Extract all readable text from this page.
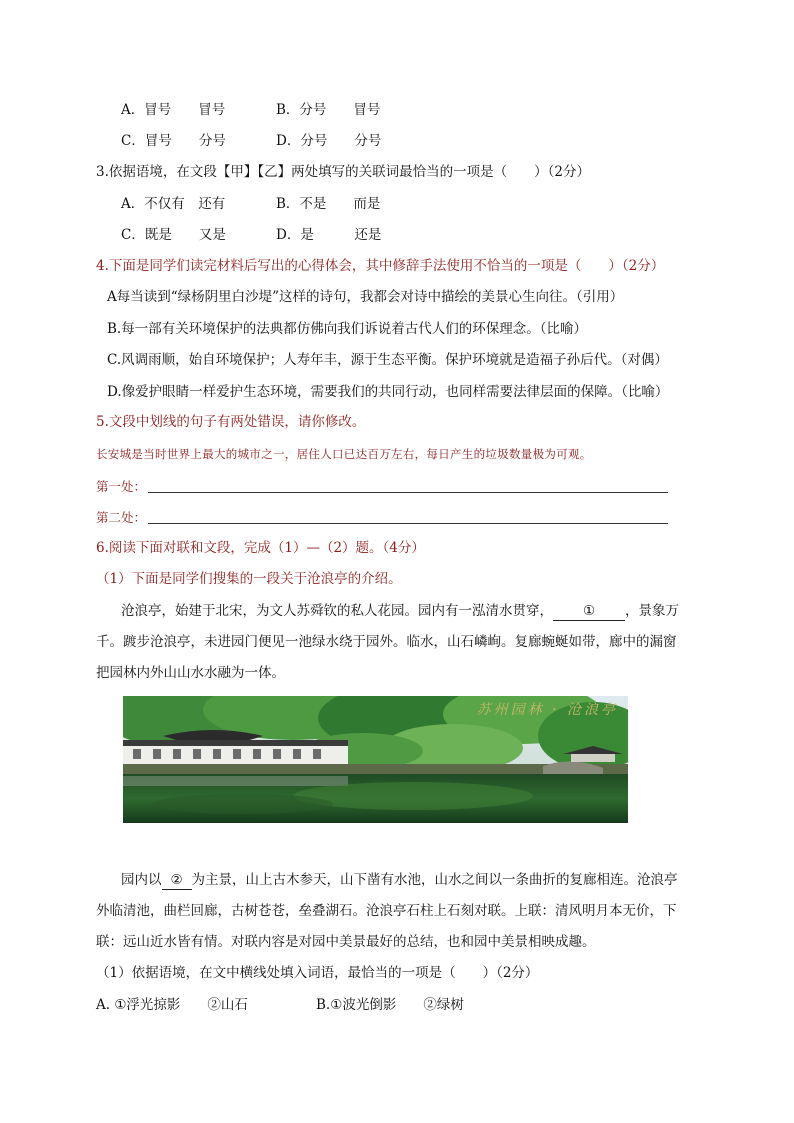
A．冒号　　冒号	B．分号　　冒号
C．冒号　　分号	D．分号　　分号
3.依据语境，在文段【甲】【乙】两处填写的关联词最恰当的一项是（　　）（2分）
A．不仅有　还有	B．不是　　而是
C．既是　　又是	D．是　　　还是
4.下面是同学们读完材料后写出的心得体会，其中修辞手法使用不恰当的一项是（　　）（2分）
A每当读到“绿杨阴里白沙堤”这样的诗句，我都会对诗中描绘的美景心生向往。（引用）
B.每一部有关环境保护的法典都仿佛向我们诉说着古代人们的环保理念。（比喻）
C.风调雨顺，始自环境保护；人寿年丰，源于生态平衡。保护环境就是造福子孙后代。（对偶）
D.像爱护眼睛一样爱护生态环境，需要我们的共同行动，也同样需要法律层面的保障。（比喻）
5.文段中划线的句子有两处错误，请你修改。
长安城是当时世界上最大的城市之一，居住人口已达百万左右，每日产生的垃圾数量极为可观。
第一处：
第二处：
6.阅读下面对联和文段，完成（1）—（2）题。（4分）
（1）下面是同学们搜集的一段关于沧浪亭的介绍。
沧浪亭，始建于北宋，为文人苏舜钦的私人花园。园内有一泓清水贯穿， ① ，景象万
千。踱步沧浪亭，未进园门便见一池绿水绕于园外。临水，山石嶙峋。复廊蜿蜒如带，廊中的漏窗
把园林内外山山水水融为一体。
苏州园林 · 沧浪亭
园内以 ② 为主景，山上古木参天，山下凿有水池，山水之间以一条曲折的复廊相连。沧浪亭
外临清池，曲栏回廊，古树苍苍，垒叠湖石。沧浪亭石柱上石刻对联。上联：清风明月本无价，下
联：远山近水皆有情。对联内容是对园中美景最好的总结，也和园中美景相映成趣。
（1）依据语境，在文中横线处填入词语，最恰当的一项是（　　）（2分）
A. ①浮光掠影　　②山石	B.①波光倒影　　②绿树
